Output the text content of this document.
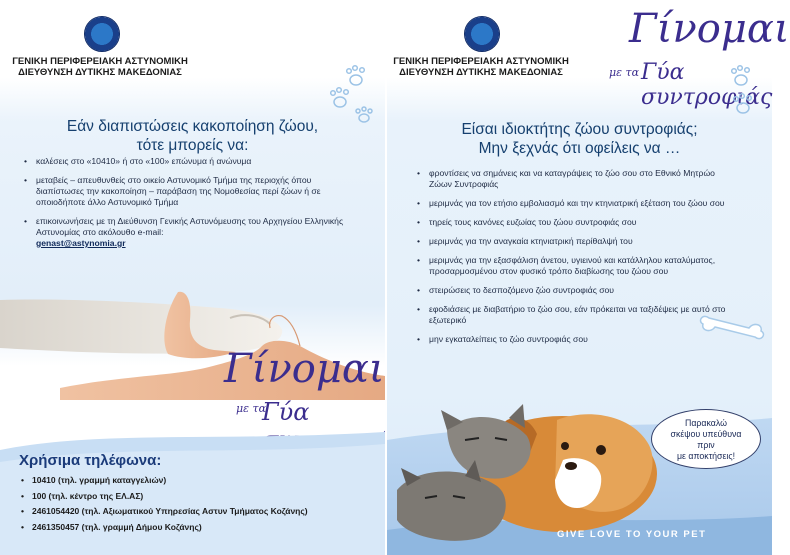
ΓΕΝΙΚΗ ΠΕΡΙΦΕΡΕΙΑΚΗ ΑΣΤΥΝΟΜΙΚΗ
ΔΙΕΥΘΥΝΣΗ ΔΥΤΙΚΗΣ ΜΑΚΕΔΟΝΙΑΣ
Εάν διαπιστώσεις κακοποίηση ζώου,
τότε μπορείς να:
• καλέσεις στο «10410» ή στο «100» επώνυμα ή ανώνυμα
• μεταβείς – απευθυνθείς στο οικείο Αστυνομικό Τμήμα της περιοχής όπου διαπίστωσες την κακοποίηση – παράβαση της Νομοθεσίας περί ζώων ή σε οποιοδήποτε άλλο Αστυνομικό Τμήμα
• επικοινωνήσεις με τη Διεύθυνση Γενικής Αστυνόμευσης του Αρχηγείου Ελληνικής Αστυνομίας στο ακόλουθο e-mail:
genast@astynomia.gr
Γίνομαι
με τα
Γύα
Χρήσιμα τηλέφωνα:
• 10410 (τηλ. γραμμή καταγγελιών)
• 100 (τηλ. κέντρο της ΕΛ.ΑΣ)
• 2461054420 (τηλ. Αξιωματικού Υπηρεσίας Αστυν Τμήματος Κοζάνης)
• 2461350457 (τηλ. γραμμή Δήμου Κοζάνης)
ΓΕΝΙΚΗ ΠΕΡΙΦΕΡΕΙΑΚΗ ΑΣΤΥΝΟΜΙΚΗ
ΔΙΕΥΘΥΝΣΗ ΔΥΤΙΚΗΣ ΜΑΚΕΔΟΝΙΑΣ
Γίνομαι
με τα Γύα συντροφιάς
Είσαι ιδιοκτήτης ζώου συντροφιάς;
Μην ξεχνάς ότι οφείλεις να …
• φροντίσεις να σημάνεις και να καταγράψεις το ζώο σου στο Εθνικό Μητρώο Ζώων Συντροφιάς
• μεριμνάς για τον ετήσιο εμβολιασμό και την κτηνιατρική εξέταση του ζώου σου
• τηρείς τους κανόνες ευζωίας του ζώου συντροφιάς σου
• μεριμνάς για την αναγκαία κτηνιατρική περίθαλψή του
• μεριμνάς για την εξασφάλιση άνετου, υγιεινού και κατάλληλου καταλύματος, προσαρμοσμένου στον φυσικό τρόπο διαβίωσης του ζώου σου
• στειρώσεις το δεσποζόμενο ζώο συντροφιάς σου
• εφοδιάσεις με διαβατήριο το ζώο σου, εάν πρόκειται να ταξιδέψεις με αυτό στο εξωτερικό
• μην εγκαταλείπεις το ζώο συντροφιάς σου
Παρακαλώ
σκέψου υπεύθυνα
πριν
με αποκτήσεις!
GIVE LOVE TO YOUR PET
